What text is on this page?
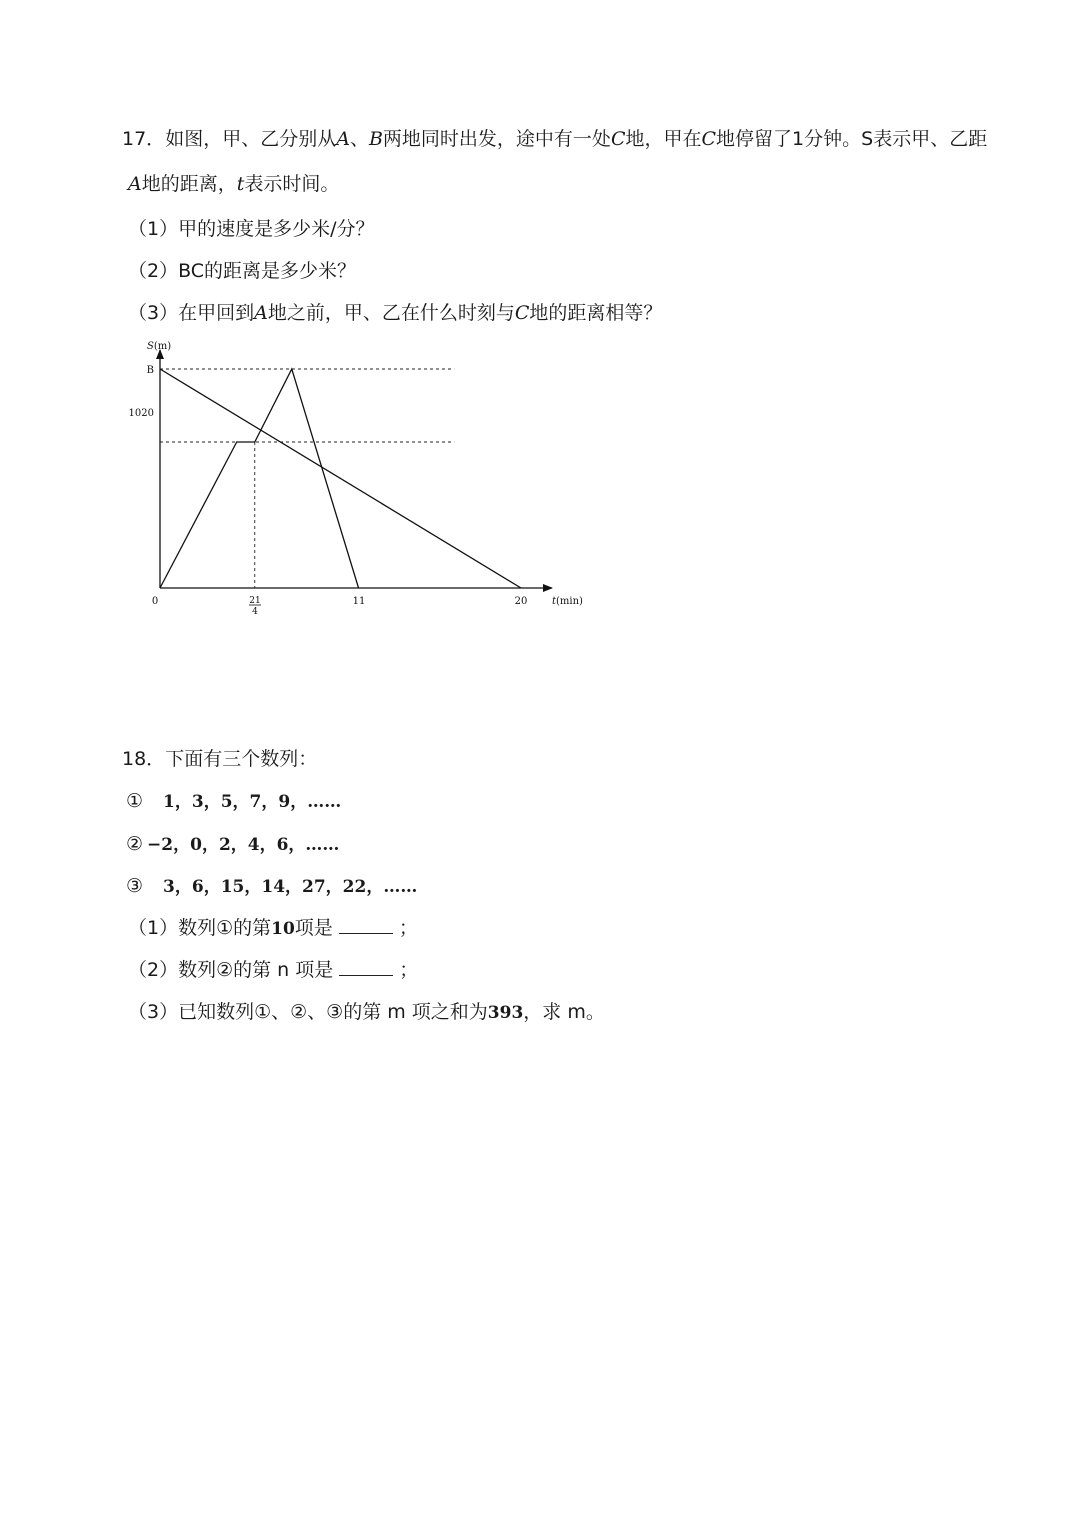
17．如图，甲、乙分别从A、B两地同时出发，途中有一处C地，甲在C地停留了1分钟。S表示甲、乙距
A地的距离，t表示时间。
（1）甲的速度是多少米/分？
（2）BC的距离是多少米？
（3）在甲回到A地之前，甲、乙在什么时刻与C地的距离相等？
S(m)
t(min)
B
1020
0	21
4
11	20
18．下面有三个数列：
① 1，3，5，7，9，……
② −2，0，2，4，6，……
③ 3，6，15，14，27，22，……
（1）数列①的第10项是	；
（2）数列②的第 n 项是	；
（3）已知数列①、②、③的第 m 项之和为393，求 m。
